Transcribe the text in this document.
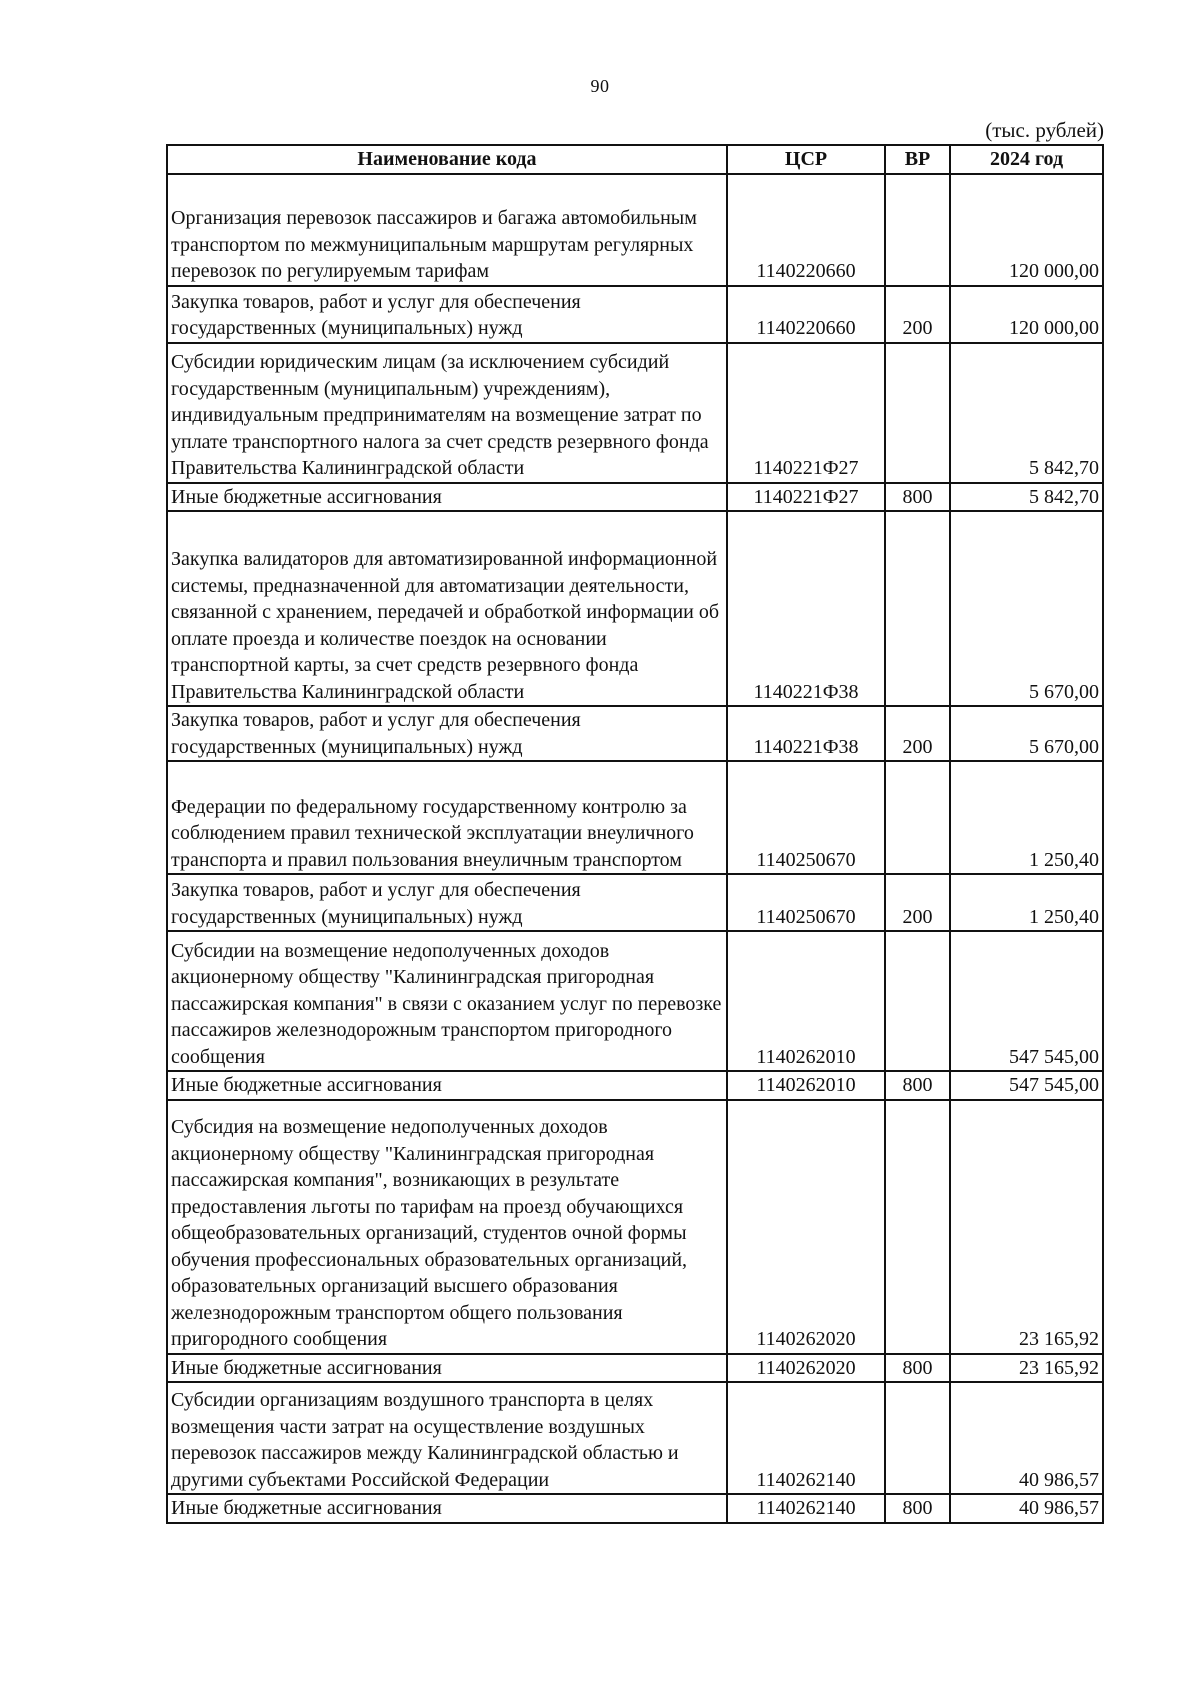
90
(тыс. рублей)
Наименование кода	ЦСР	ВР	2024 год
Организация перевозок пассажиров и багажа автомобильным транспортом по межмуниципальным маршрутам регулярных перевозок по регулируемым тарифам	1140220660		120 000,00
Закупка товаров, работ и услуг для обеспечения государственных (муниципальных) нужд	1140220660	200	120 000,00
Субсидии юридическим лицам (за исключением субсидий государственным (муниципальным) учреждениям), индивидуальным предпринимателям на возмещение затрат по уплате транспортного налога за счет средств резервного фонда Правительства Калининградской области	1140221Ф27		5 842,70
Иные бюджетные ассигнования	1140221Ф27	800	5 842,70
Закупка валидаторов для автоматизированной информационной системы, предназначенной для автоматизации деятельности, связанной с хранением, передачей и обработкой информации об оплате проезда и количестве поездок на основании транспортной карты, за счет средств резервного фонда Правительства Калининградской области	1140221Ф38		5 670,00
Закупка товаров, работ и услуг для обеспечения государственных (муниципальных) нужд	1140221Ф38	200	5 670,00
Федерации по федеральному государственному контролю за соблюдением правил технической эксплуатации внеуличного транспорта и правил пользования внеуличным транспортом	1140250670		1 250,40
Закупка товаров, работ и услуг для обеспечения государственных (муниципальных) нужд	1140250670	200	1 250,40
Субсидии на возмещение недополученных доходов акционерному обществу "Калининградская пригородная пассажирская компания" в связи с оказанием услуг по перевозке пассажиров железнодорожным транспортом пригородного сообщения	1140262010		547 545,00
Иные бюджетные ассигнования	1140262010	800	547 545,00
Субсидия на возмещение недополученных доходов акционерному обществу "Калининградская пригородная пассажирская компания", возникающих в результате предоставления льготы по тарифам на проезд обучающихся общеобразовательных организаций, студентов очной формы обучения профессиональных образовательных организаций, образовательных организаций высшего образования железнодорожным транспортом общего пользования пригородного сообщения	1140262020		23 165,92
Иные бюджетные ассигнования	1140262020	800	23 165,92
Субсидии организациям воздушного транспорта в целях возмещения части затрат на осуществление воздушных перевозок пассажиров между Калининградской областью и другими субъектами Российской Федерации	1140262140		40 986,57
Иные бюджетные ассигнования	1140262140	800	40 986,57
